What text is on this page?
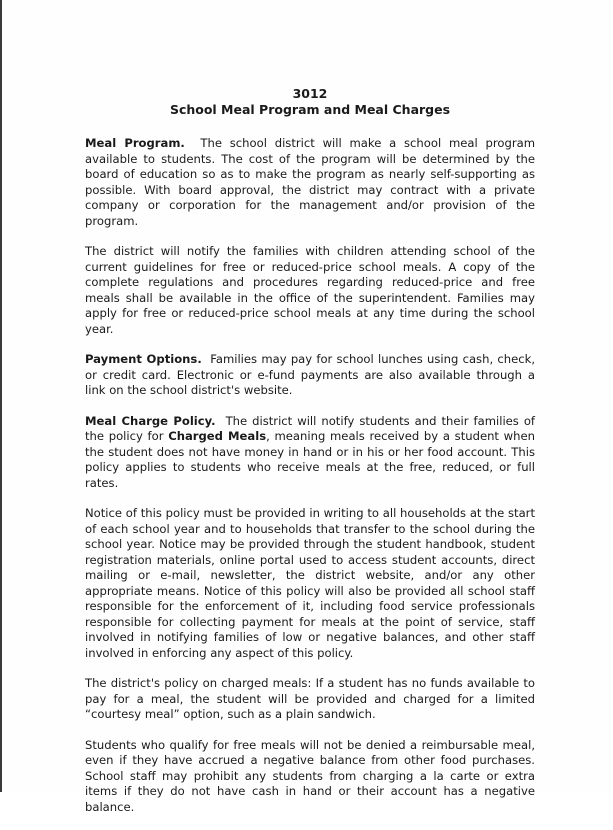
3012
School Meal Program and Meal Charges

Meal Program. The school district will make a school meal program available to students. The cost of the program will be determined by the board of education so as to make the program as nearly self-supporting as possible. With board approval, the district may contract with a private company or corporation for the management and/or provision of the program.

The district will notify the families with children attending school of the current guidelines for free or reduced-price school meals. A copy of the complete regulations and procedures regarding reduced-price and free meals shall be available in the office of the superintendent. Families may apply for free or reduced-price school meals at any time during the school year.

Payment Options. Families may pay for school lunches using cash, check, or credit card. Electronic or e-fund payments are also available through a link on the school district's website.

Meal Charge Policy. The district will notify students and their families of the policy for Charged Meals, meaning meals received by a student when the student does not have money in hand or in his or her food account. This policy applies to students who receive meals at the free, reduced, or full rates.

Notice of this policy must be provided in writing to all households at the start of each school year and to households that transfer to the school during the school year. Notice may be provided through the student handbook, student registration materials, online portal used to access student accounts, direct mailing or e-mail, newsletter, the district website, and/or any other appropriate means. Notice of this policy will also be provided all school staff responsible for the enforcement of it, including food service professionals responsible for collecting payment for meals at the point of service, staff involved in notifying families of low or negative balances, and other staff involved in enforcing any aspect of this policy.

The district's policy on charged meals: If a student has no funds available to pay for a meal, the student will be provided and charged for a limited “courtesy meal” option, such as a plain sandwich.

Students who qualify for free meals will not be denied a reimbursable meal, even if they have accrued a negative balance from other food purchases. School staff may prohibit any students from charging a la carte or extra items if they do not have cash in hand or their account has a negative balance.
